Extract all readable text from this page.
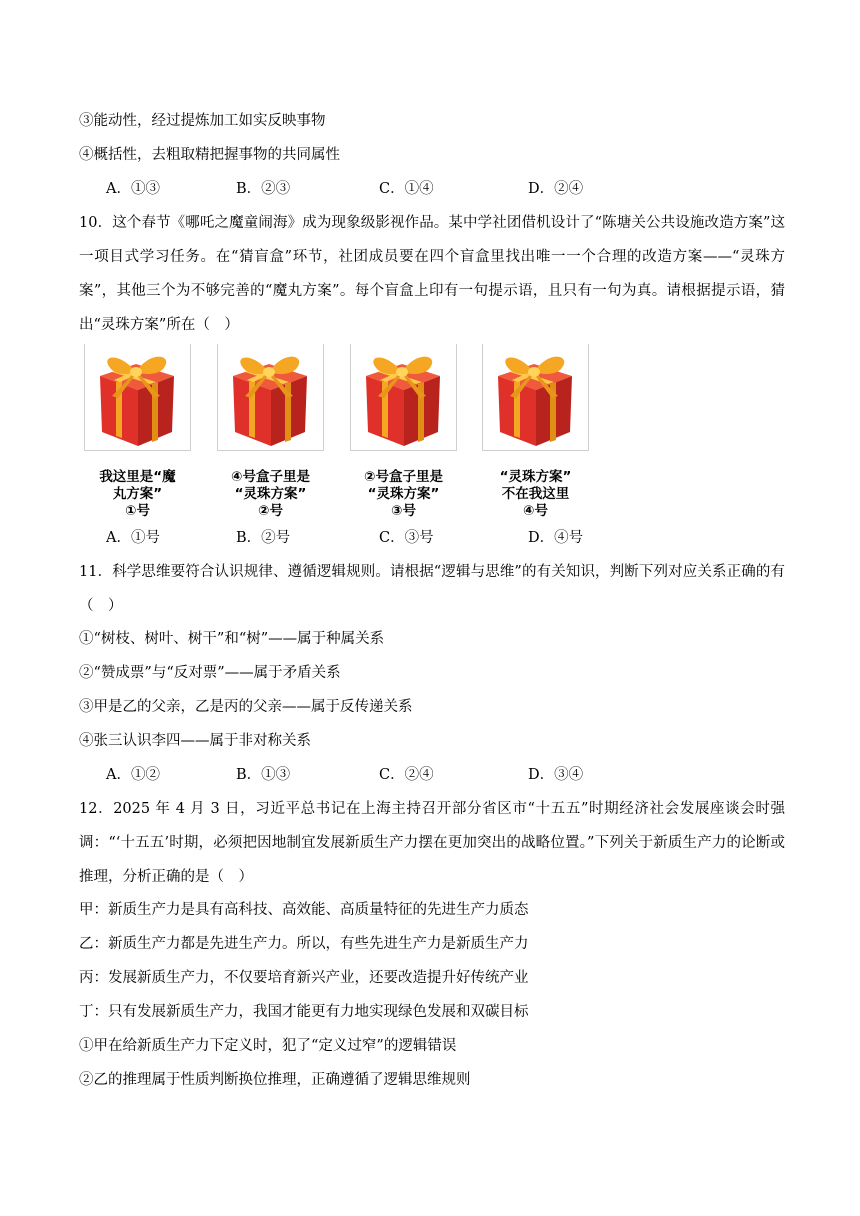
③能动性，经过提炼加工如实反映事物
④概括性，去粗取精把握事物的共同属性
A．①③	B．②③	C．①④	D．②④
10．这个春节《哪吒之魔童闹海》成为现象级影视作品。某中学社团借机设计了“陈塘关公共设施改造方案”这一项目式学习任务。在“猜盲盒”环节，社团成员要在四个盲盒里找出唯一一个合理的改造方案——“灵珠方案”，其他三个为不够完善的“魔丸方案”。每个盲盒上印有一句提示语，且只有一句为真。请根据提示语，猜出“灵珠方案”所在（　）

我这里是“魔
丸方案”

①号

④号盒子里是
“灵珠方案”

②号

②号盒子里是
“灵珠方案”

③号

“灵珠方案”
不在我这里

④号

A．①号	B．②号	C．③号	D．④号
11．科学思维要符合认识规律、遵循逻辑规则。请根据“逻辑与思维”的有关知识，判断下列对应关系正确的有（　）
①“树枝、树叶、树干”和“树”——属于种属关系
②“赞成票”与“反对票”——属于矛盾关系
③甲是乙的父亲，乙是丙的父亲——属于反传递关系
④张三认识李四——属于非对称关系
A．①②	B．①③	C．②④	D．③④
12．2025 年 4 月 3 日，习近平总书记在上海主持召开部分省区市“十五五”时期经济社会发展座谈会时强调：“‘十五五’时期，必须把因地制宜发展新质生产力摆在更加突出的战略位置。”下列关于新质生产力的论断或推理，分析正确的是（　）
甲：新质生产力是具有高科技、高效能、高质量特征的先进生产力质态
乙：新质生产力都是先进生产力。所以，有些先进生产力是新质生产力
丙：发展新质生产力，不仅要培育新兴产业，还要改造提升好传统产业
丁：只有发展新质生产力，我国才能更有力地实现绿色发展和双碳目标
①甲在给新质生产力下定义时，犯了“定义过窄”的逻辑错误
②乙的推理属于性质判断换位推理，正确遵循了逻辑思维规则
